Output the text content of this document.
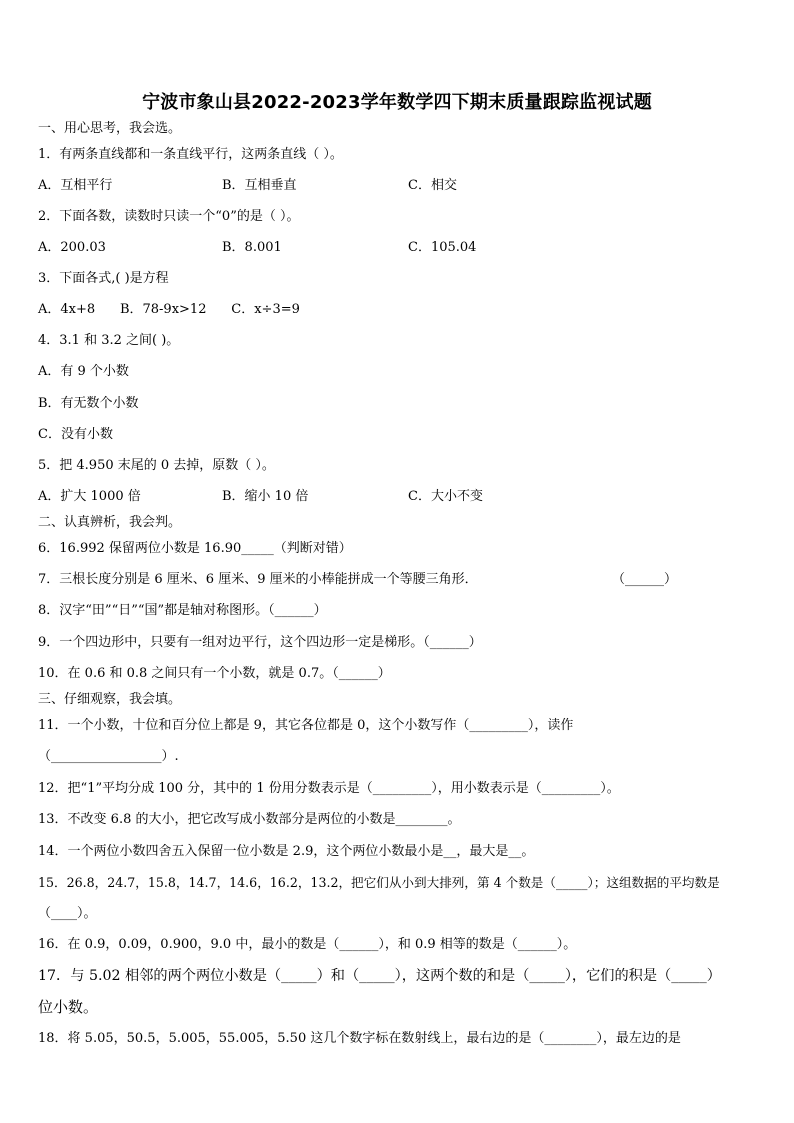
宁波市象山县2022-2023学年数学四下期末质量跟踪监视试题
一、用心思考，我会选。
1．有两条直线都和一条直线平行，这两条直线（ ）。
A．互相平行	B．互相垂直	C．相交
2．下面各数，读数时只读一个“0”的是（ ）。
A．200.03	B．8.001	C．105.04
3．下面各式,( )是方程
A．4x+8      B．78-9x>12      C．x÷3=9
4．3.1 和 3.2 之间( )。
A．有 9 个小数
B．有无数个小数
C．没有小数
5．把 4.950 末尾的 0 去掉，原数（ ）。
A．扩大 1000 倍	B．缩小 10 倍	C．大小不变
二、认真辨析，我会判。
6．16.992 保留两位小数是 16.90_____（判断对错）
7．三根长度分别是 6 厘米、6 厘米、9 厘米的小棒能拼成一个等腰三角形．	（______）
8．汉字“田”“日”“国”都是轴对称图形。（______）
9．一个四边形中，只要有一组对边平行，这个四边形一定是梯形。（______）
10．在 0.6 和 0.8 之间只有一个小数，就是 0.7。（______）
三、仔细观察，我会填。
11．一个小数，十位和百分位上都是 9，其它各位都是 0，这个小数写作（_________），读作
（_________________）.
12．把“1”平均分成 100 分，其中的 1 份用分数表示是（_________），用小数表示是（_________）。
13．不改变 6.8 的大小，把它改写成小数部分是两位的小数是________。
14．一个两位小数四舍五入保留一位小数是 2.9，这个两位小数最小是__，最大是__。
15．26.8，24.7，15.8，14.7，14.6，16.2，13.2，把它们从小到大排列，第 4 个数是（_____）；这组数据的平均数是
（____）。
16．在 0.9，0.09，0.900，9.0 中，最小的数是（______），和 0.9 相等的数是（______）。
17．与 5.02 相邻的两个两位小数是（_____）和（_____），这两个数的和是（_____），它们的积是（_____）
位小数。
18．将 5.05，50.5，5.005，55.005，5.50 这几个数字标在数射线上，最右边的是（________），最左边的是
